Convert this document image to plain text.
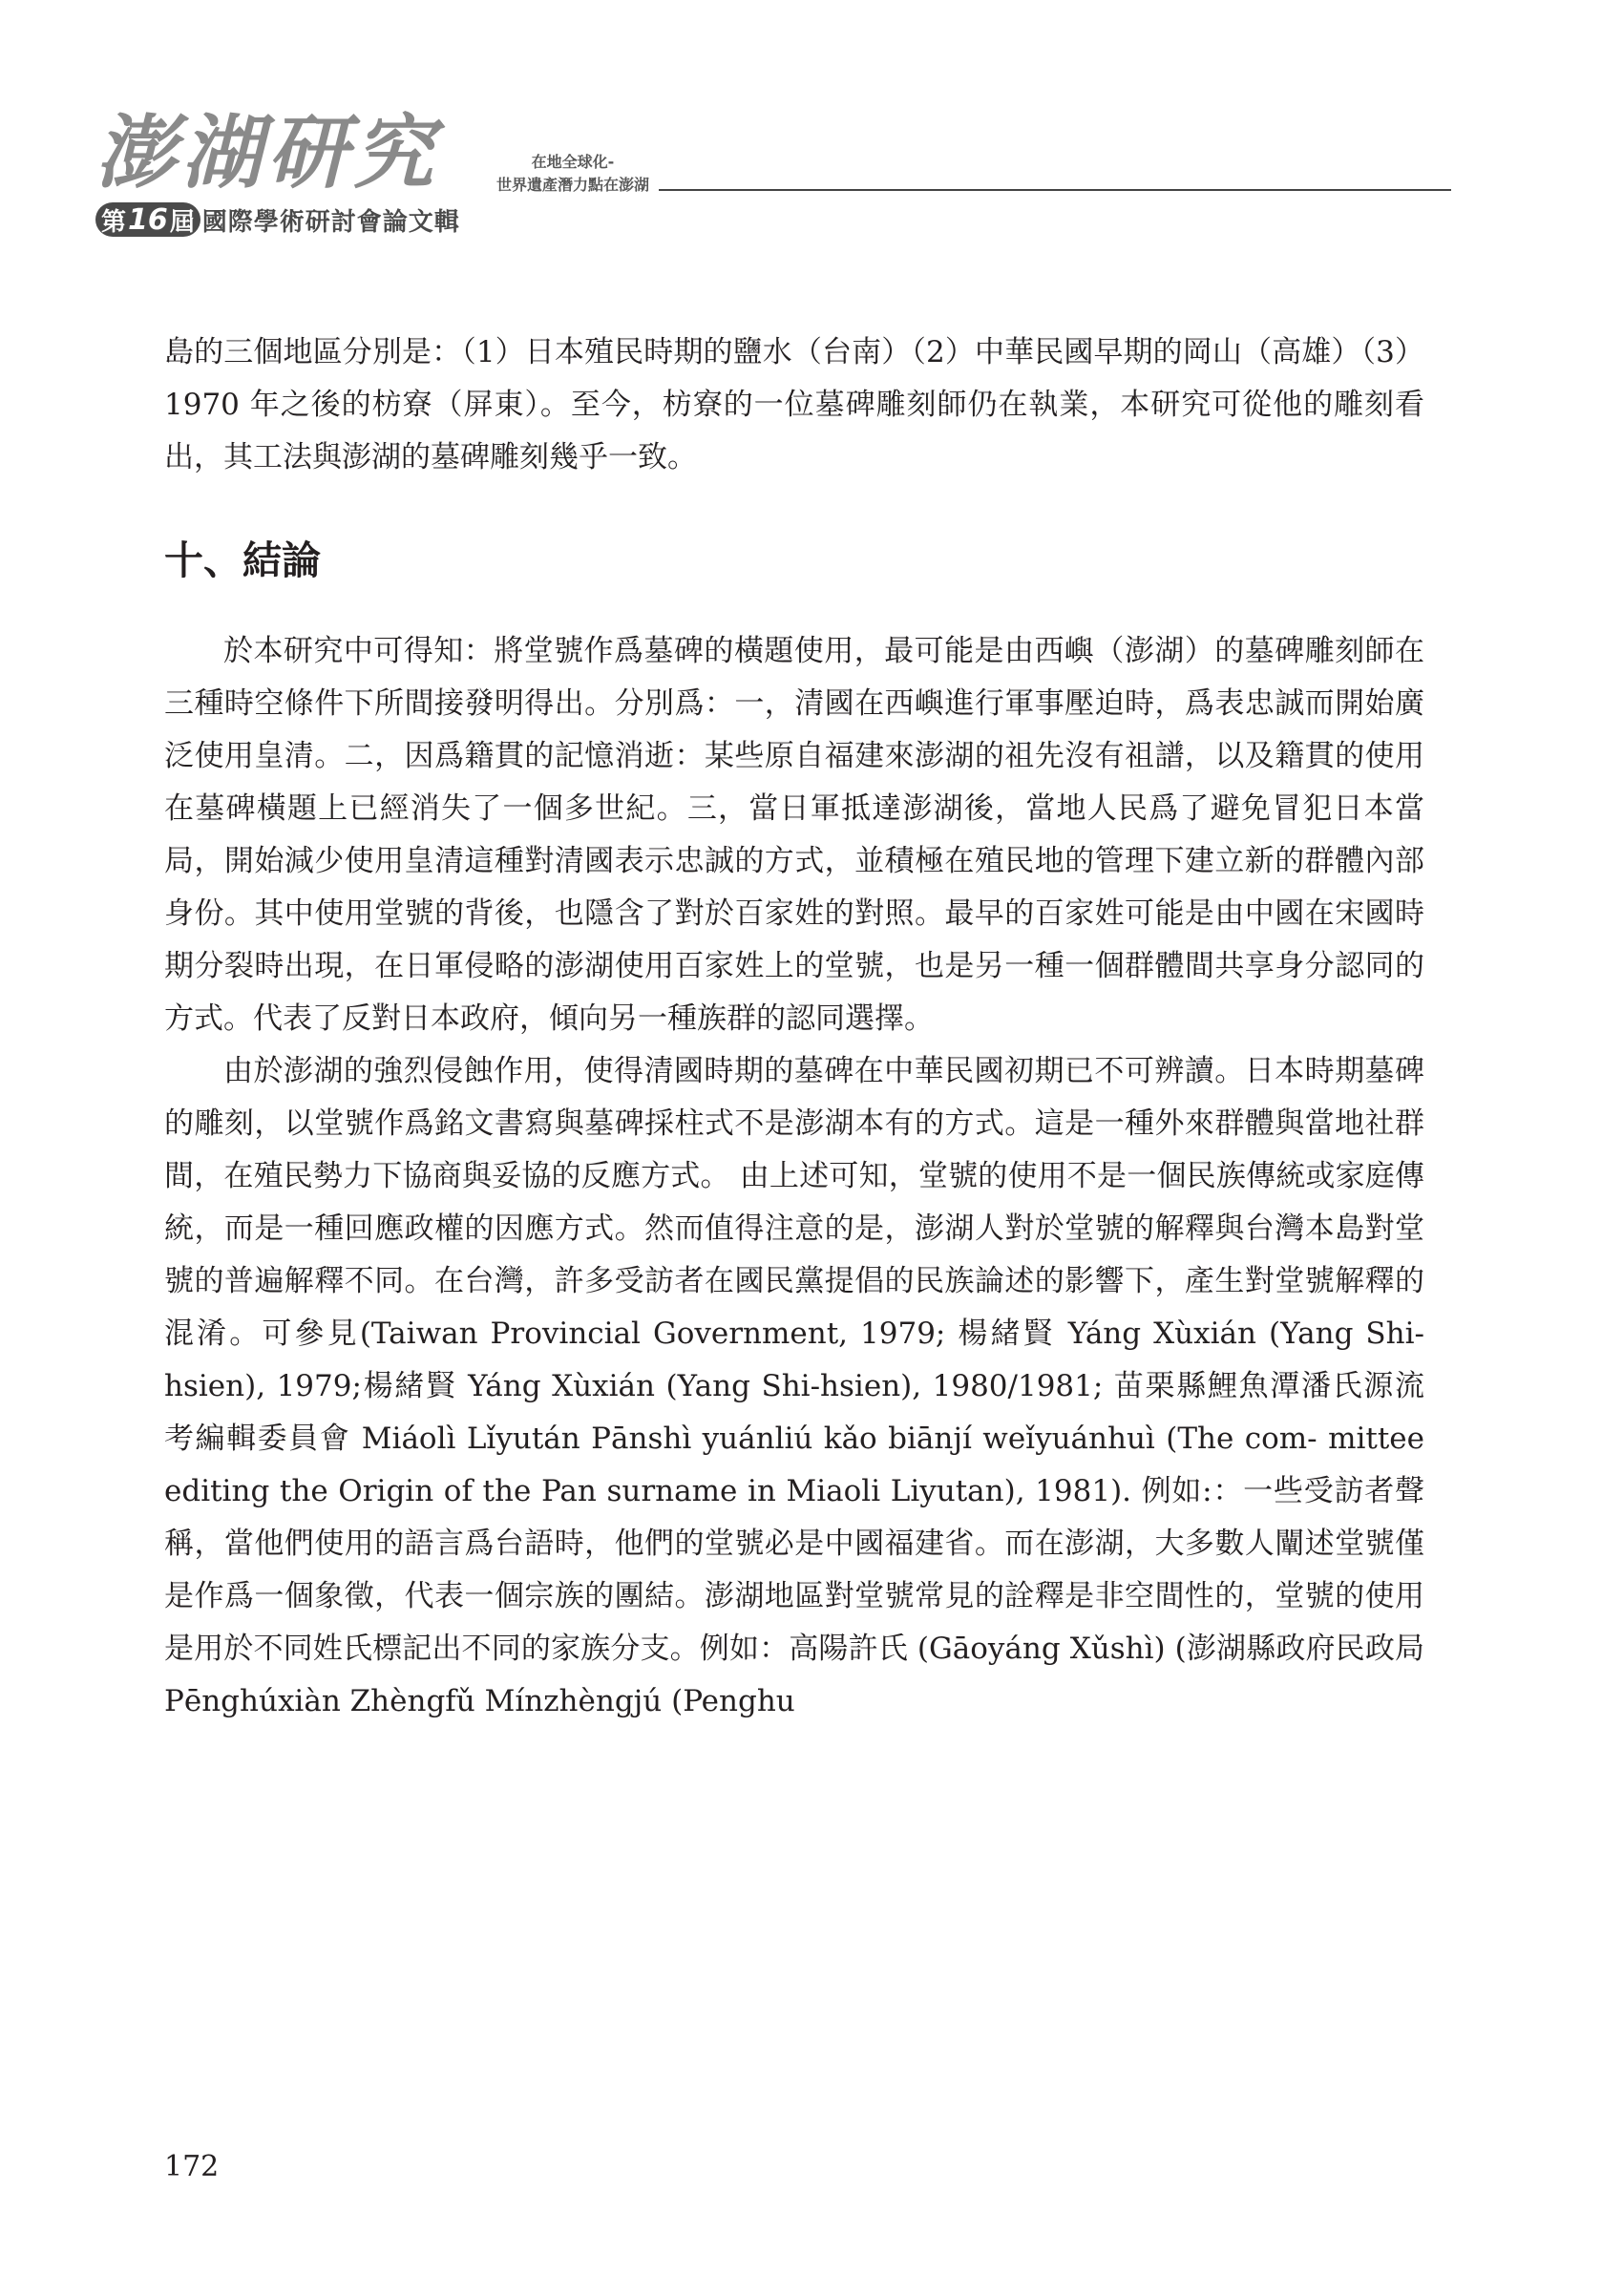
澎湖研究
第 16 屆 國際學術研討會論文輯
在地全球化-
世界遺產潛力點在澎湖

島的三個地區分別是：（1）日本殖民時期的鹽水（台南）（2）中華民國早期的岡山（高雄）（3）1970 年之後的枋寮（屏東）。至今，枋寮的一位墓碑雕刻師仍在執業，本研究可從他的雕刻看出，其工法與澎湖的墓碑雕刻幾乎一致。

十、結論

於本研究中可得知：將堂號作爲墓碑的橫題使用，最可能是由西嶼（澎湖）的墓碑雕刻師在三種時空條件下所間接發明得出。分別爲：一，清國在西嶼進行軍事壓迫時，爲表忠誠而開始廣泛使用皇清。二，因爲籍貫的記憶消逝：某些原自福建來澎湖的祖先沒有祖譜，以及籍貫的使用在墓碑橫題上已經消失了一個多世紀。三，當日軍抵達澎湖後，當地人民爲了避免冒犯日本當局，開始減少使用皇清這種對清國表示忠誠的方式，並積極在殖民地的管理下建立新的群體內部身份。其中使用堂號的背後，也隱含了對於百家姓的對照。最早的百家姓可能是由中國在宋國時期分裂時出現，在日軍侵略的澎湖使用百家姓上的堂號，也是另一種一個群體間共享身分認同的方式。代表了反對日本政府，傾向另一種族群的認同選擇。

由於澎湖的強烈侵蝕作用，使得清國時期的墓碑在中華民國初期已不可辨讀。日本時期墓碑的雕刻，以堂號作爲銘文書寫與墓碑採柱式不是澎湖本有的方式。這是一種外來群體與當地社群間，在殖民勢力下協商與妥協的反應方式。 由上述可知，堂號的使用不是一個民族傳統或家庭傳統，而是一種回應政權的因應方式。然而值得注意的是，澎湖人對於堂號的解釋與台灣本島對堂號的普遍解釋不同。在台灣，許多受訪者在國民黨提倡的民族論述的影響下，產生對堂號解釋的混淆。可參見(Taiwan Provincial Government, 1979; 楊緒賢 Yáng Xùxián (Yang Shi-hsien), 1979;楊緒賢 Yáng Xùxián (Yang Shi-hsien), 1980/1981; 苗栗縣鯉魚潭潘氏源流 考編輯委員會 Miáolì Lǐyután Pānshì yuánliú kǎo biānjí weǐyuánhuì (The com- mittee editing the Origin of the Pan surname in Miaoli Liyutan), 1981). 例如:：一些受訪者聲稱，當他們使用的語言爲台語時，他們的堂號必是中國福建省。而在澎湖，大多數人闡述堂號僅是作爲一個象徵，代表一個宗族的團結。澎湖地區對堂號常見的詮釋是非空間性的，堂號的使用是用於不同姓氏標記出不同的家族分支。例如：高陽許氏 (Gāoyáng Xǔshì) (澎湖縣政府民政局 Pēnghúxiàn Zhèngfǔ Mínzhèngjú (Penghu

172
